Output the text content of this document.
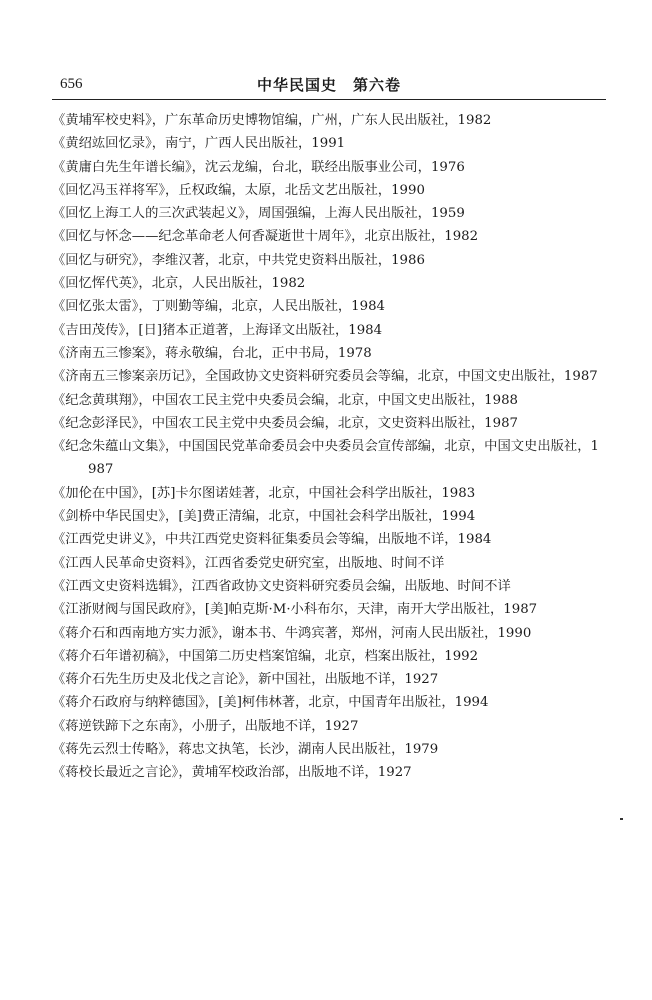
656	中华民国史　第六卷
《黄埔军校史料》，广东革命历史博物馆编，广州，广东人民出版社，1982
《黄绍竑回忆录》，南宁，广西人民出版社，1991
《黄庸白先生年谱长编》，沈云龙编，台北，联经出版事业公司，1976
《回忆冯玉祥将军》，丘权政编，太原，北岳文艺出版社，1990
《回忆上海工人的三次武装起义》，周国强编，上海人民出版社，1959
《回忆与怀念——纪念革命老人何香凝逝世十周年》，北京出版社，1982
《回忆与研究》，李维汉著，北京，中共党史资料出版社，1986
《回忆恽代英》，北京，人民出版社，1982
《回忆张太雷》，丁则勤等编，北京，人民出版社，1984
《吉田茂传》，[日]猪本正道著，上海译文出版社，1984
《济南五三惨案》，蒋永敬编，台北，正中书局，1978
《济南五三惨案亲历记》，全国政协文史资料研究委员会等编，北京，中国文史出版社，1987
《纪念黄琪翔》，中国农工民主党中央委员会编，北京，中国文史出版社，1988
《纪念彭泽民》，中国农工民主党中央委员会编，北京，文史资料出版社，1987
《纪念朱蕴山文集》，中国国民党革命委员会中央委员会宣传部编，北京，中国文史出版社，1987
《加伦在中国》，[苏]卡尔图诺娃著，北京，中国社会科学出版社，1983
《剑桥中华民国史》，[美]费正清编，北京，中国社会科学出版社，1994
《江西党史讲义》，中共江西党史资料征集委员会等编，出版地不详，1984
《江西人民革命史资料》，江西省委党史研究室，出版地、时间不详
《江西文史资料选辑》，江西省政协文史资料研究委员会编，出版地、时间不详
《江浙财阀与国民政府》，[美]帕克斯·M·小科布尔，天津，南开大学出版社，1987
《蒋介石和西南地方实力派》，谢本书、牛鸿宾著，郑州，河南人民出版社，1990
《蒋介石年谱初稿》，中国第二历史档案馆编，北京，档案出版社，1992
《蒋介石先生历史及北伐之言论》，新中国社，出版地不详，1927
《蒋介石政府与纳粹德国》，[美]柯伟林著，北京，中国青年出版社，1994
《蒋逆铁蹄下之东南》，小册子，出版地不详，1927
《蒋先云烈士传略》，蒋忠文执笔，长沙，湖南人民出版社，1979
《蒋校长最近之言论》，黄埔军校政治部，出版地不详，1927
